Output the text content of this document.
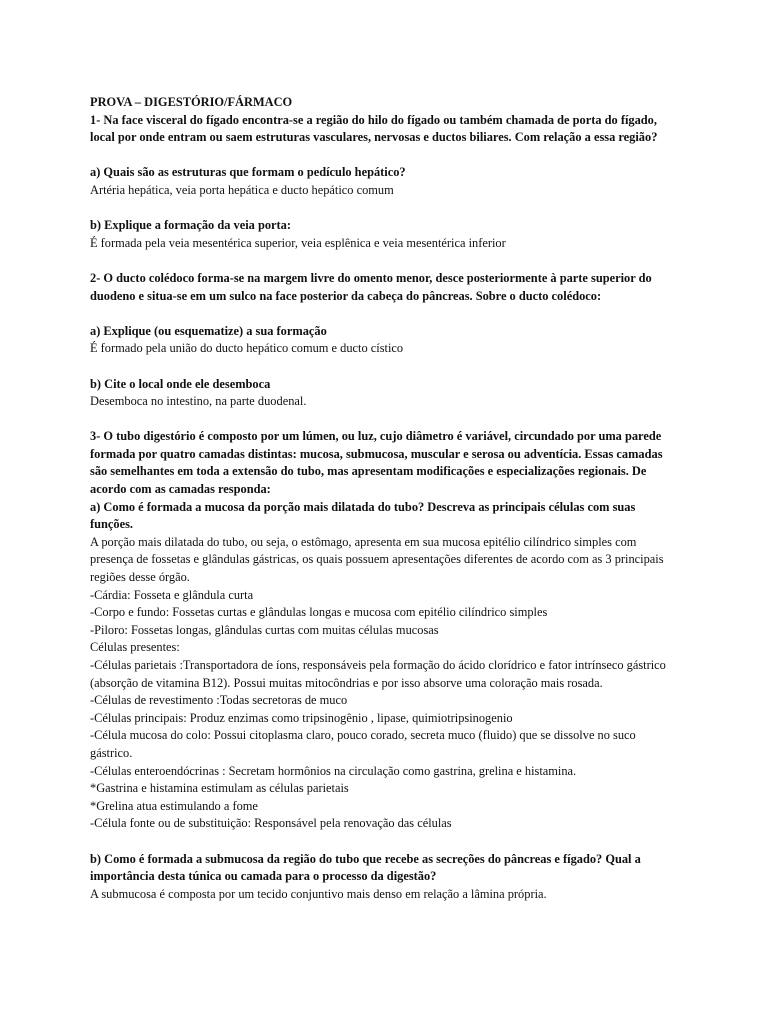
PROVA – DIGESTÓRIO/FÁRMACO
1- Na face visceral do fígado encontra-se a região do hilo do fígado ou também chamada de porta do fígado,
local por onde entram ou saem estruturas vasculares, nervosas e ductos biliares. Com relação a essa região?
a) Quais são as estruturas que formam o pedículo hepático?
Artéria hepática, veia porta hepática e ducto hepático comum
b) Explique a formação da veia porta:
É formada pela veia mesentérica superior, veia esplênica e veia mesentérica inferior
2- O ducto colédoco forma-se na margem livre do omento menor, desce posteriormente à parte superior do
duodeno e situa-se em um sulco na face posterior da cabeça do pâncreas. Sobre o ducto colédoco:
a) Explique (ou esquematize) a sua formação
É formado pela união do ducto hepático comum e ducto cístico
b) Cite o local onde ele desemboca
Desemboca no intestino, na parte duodenal.
3- O tubo digestório é composto por um lúmen, ou luz, cujo diâmetro é variável, circundado por uma parede
formada por quatro camadas distintas: mucosa, submucosa, muscular e serosa ou adventícia. Essas camadas
são semelhantes em toda a extensão do tubo, mas apresentam modificações e especializações regionais. De
acordo com as camadas responda:
a) Como é formada a mucosa da porção mais dilatada do tubo? Descreva as principais células com suas
funções.
A porção mais dilatada do tubo, ou seja, o estômago, apresenta em sua mucosa epitélio cilíndrico simples com
presença de fossetas e glândulas gástricas, os quais possuem apresentações diferentes de acordo com as 3 principais
regiões desse órgão.
-Cárdia: Fosseta e glândula curta
-Corpo e fundo: Fossetas curtas e glândulas longas e mucosa com epitélio cilíndrico simples
-Piloro: Fossetas longas, glândulas curtas com muitas células mucosas
Células presentes:
-Células parietais :Transportadora de íons, responsáveis pela formação do ácido clorídrico e fator intrínseco gástrico
(absorção de vitamina B12). Possui muitas mitocôndrias e por isso absorve uma coloração mais rosada.
-Células de revestimento :Todas secretoras de muco
-Células principais: Produz enzimas como tripsinogênio , lipase, quimiotripsinogenio
-Célula mucosa do colo: Possui citoplasma claro, pouco corado, secreta muco (fluido) que se dissolve no suco
gástrico.
-Células enteroendócrinas : Secretam hormônios na circulação como gastrina, grelina e histamina.
*Gastrina e histamina estimulam as células parietais
*Grelina atua estimulando a fome
-Célula fonte ou de substituição: Responsável pela renovação das células
b) Como é formada a submucosa da região do tubo que recebe as secreções do pâncreas e fígado? Qual a
importância desta túnica ou camada para o processo da digestão?
A submucosa é composta por um tecido conjuntivo mais denso em relação a lâmina própria.
